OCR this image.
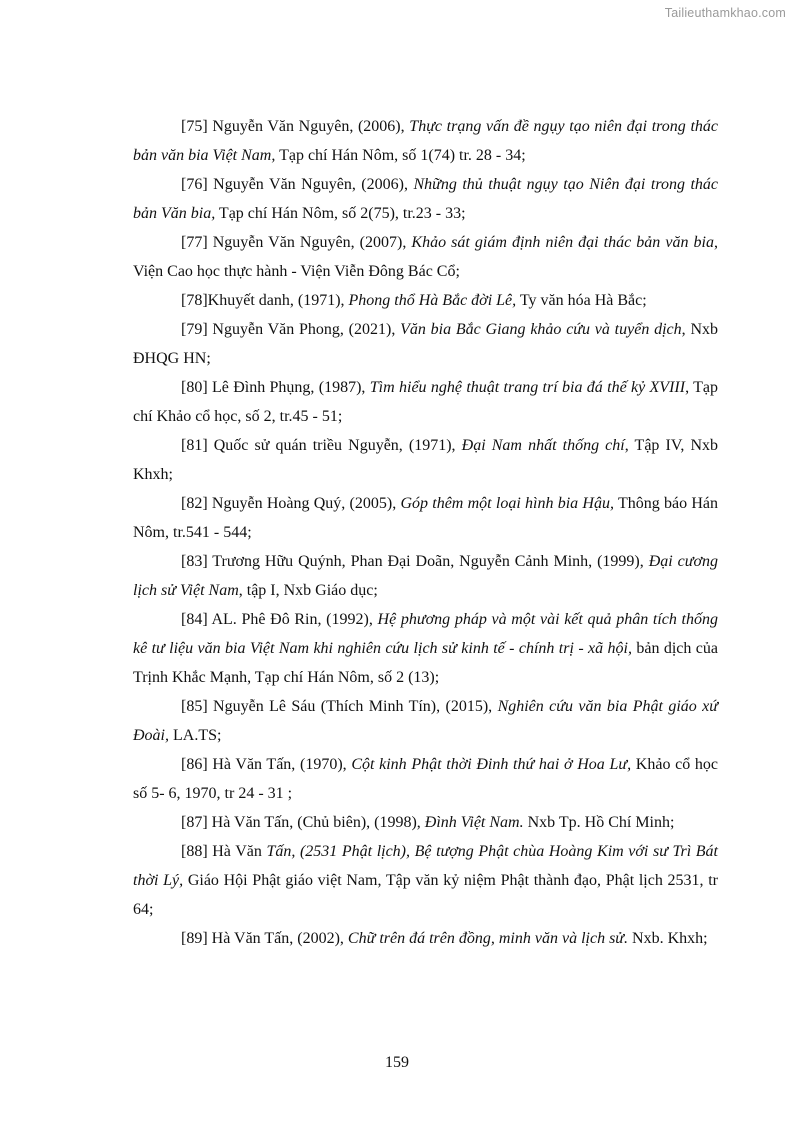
Tailieuthamkhao.com

[75] Nguyễn Văn Nguyên, (2006), Thực trạng vấn đề ngụy tạo niên đại trong thác bản văn bia Việt Nam, Tạp chí Hán Nôm, số 1(74) tr. 28 - 34;

[76] Nguyễn Văn Nguyên, (2006), Những thủ thuật ngụy tạo Niên đại trong thác bản Văn bia, Tạp chí Hán Nôm, số 2(75), tr.23 - 33;

[77] Nguyễn Văn Nguyên, (2007), Khảo sát giám định niên đại thác bản văn bia, Viện Cao học thực hành - Viện Viễn Đông Bác Cổ;

[78]Khuyết danh, (1971), Phong thổ Hà Bắc đời Lê, Ty văn hóa Hà Bắc;

[79] Nguyễn Văn Phong, (2021), Văn bia Bắc Giang khảo cứu và tuyển dịch, Nxb ĐHQG HN;

[80] Lê Đình Phụng, (1987), Tìm hiểu nghệ thuật trang trí bia đá thế kỷ XVIII, Tạp chí Khảo cổ học, số 2, tr.45 - 51;

[81] Quốc sử quán triều Nguyễn, (1971), Đại Nam nhất thống chí, Tập IV, Nxb Khxh;

[82] Nguyễn Hoàng Quý, (2005), Góp thêm một loại hình bia Hậu, Thông báo Hán Nôm, tr.541 - 544;

[83] Trương Hữu Quýnh, Phan Đại Doãn, Nguyễn Cảnh Minh, (1999), Đại cương lịch sử Việt Nam, tập I, Nxb Giáo dục;

[84] AL. Phê Đô Rin, (1992), Hệ phương pháp và một vài kết quả phân tích thống kê tư liệu văn bia Việt Nam khi nghiên cứu lịch sử kinh tế - chính trị - xã hội, bản dịch của Trịnh Khắc Mạnh, Tạp chí Hán Nôm, số 2 (13);

[85] Nguyễn Lê Sáu (Thích Minh Tín), (2015), Nghiên cứu văn bia Phật giáo xứ Đoài, LA.TS;

[86] Hà Văn Tấn, (1970), Cột kinh Phật thời Đinh thứ hai ở Hoa Lư, Khảo cổ học số 5- 6, 1970, tr 24 - 31 ;

[87] Hà Văn Tấn, (Chủ biên), (1998), Đình Việt Nam. Nxb Tp. Hồ Chí Minh;

[88] Hà Văn Tấn, (2531 Phật lịch), Bệ tượng Phật chùa Hoàng Kim với sư Trì Bát thời Lý, Giáo Hội Phật giáo việt Nam, Tập văn kỷ niệm Phật thành đạo, Phật lịch 2531, tr 64;

[89] Hà Văn Tấn, (2002), Chữ trên đá trên đồng, minh văn và lịch sử. Nxb. Khxh;

159
